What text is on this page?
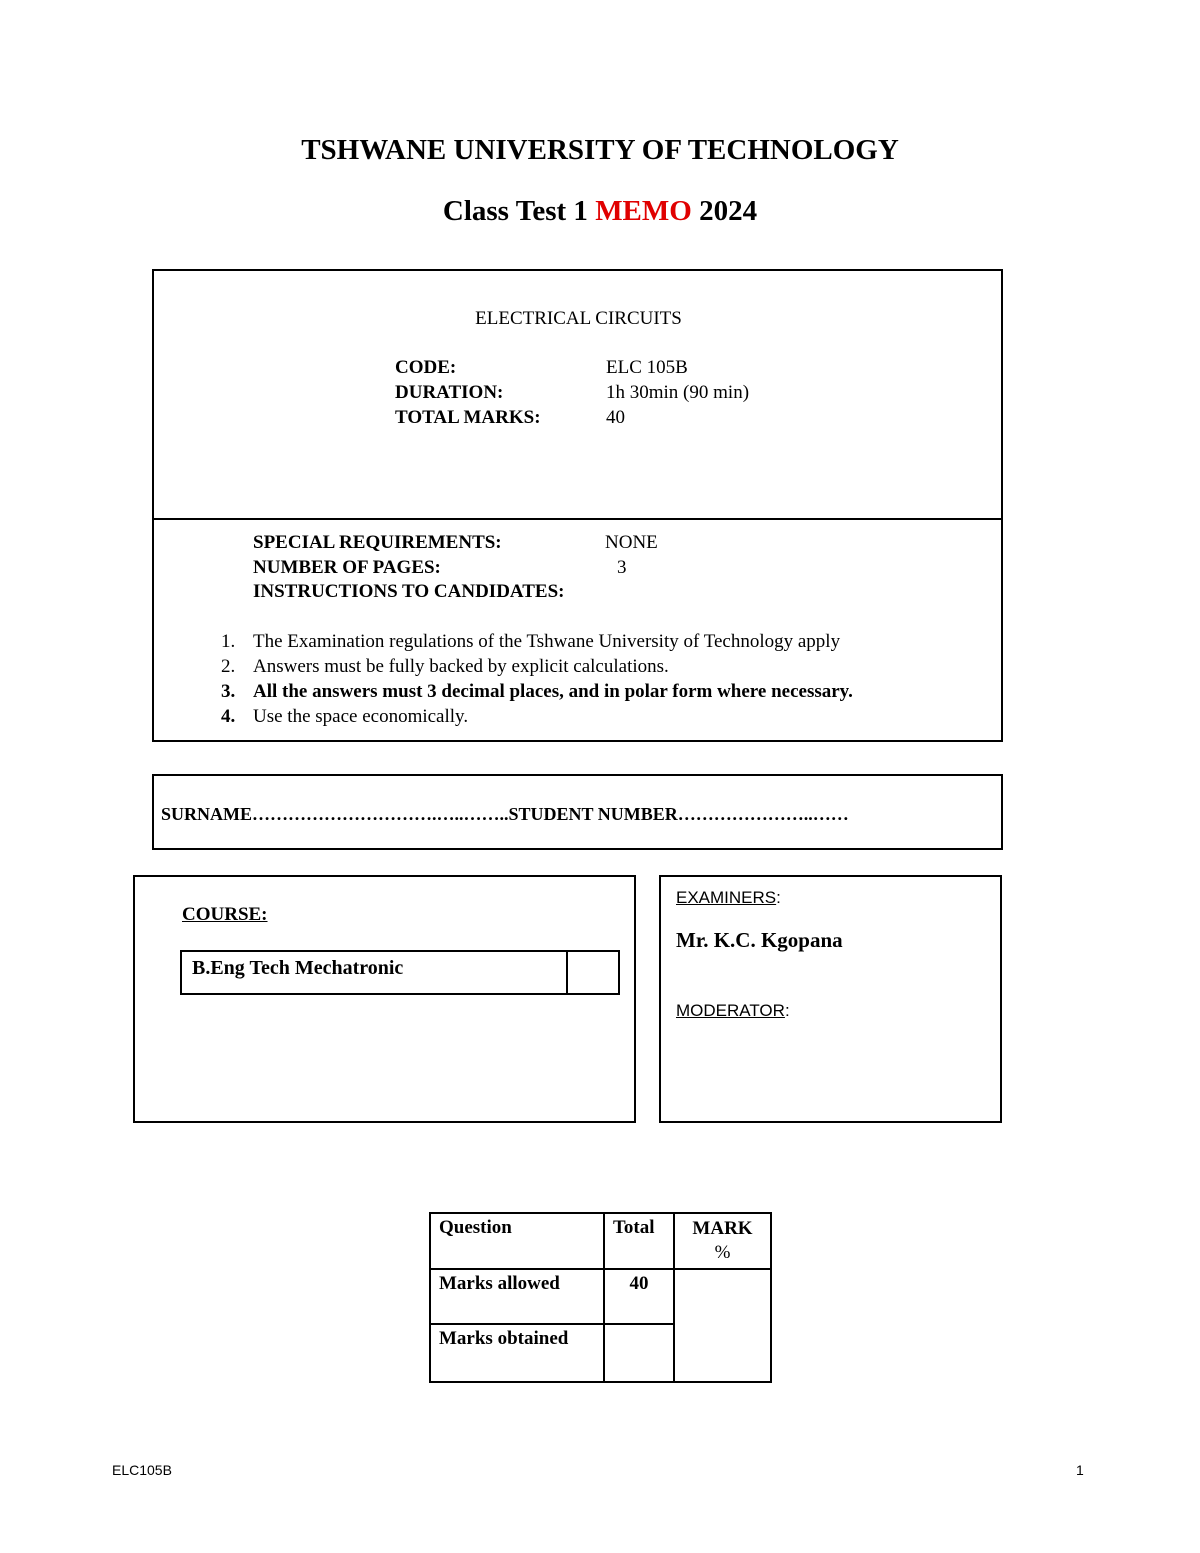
TSHWANE UNIVERSITY OF TECHNOLOGY
Class Test 1 MEMO 2024
ELECTRICAL CIRCUITS
CODE:	ELC 105B
DURATION:	1h 30min (90 min)
TOTAL MARKS:	40
SPECIAL REQUIREMENTS:	NONE
NUMBER OF PAGES:	3
INSTRUCTIONS TO CANDIDATES:
1. The Examination regulations of the Tshwane University of Technology apply
2. Answers must be fully backed by explicit calculations.
3. All the answers must 3 decimal places, and in polar form where necessary.
4. Use the space economically.
SURNAME………………………….…..……..STUDENT NUMBER…………………..……
COURSE:
B.Eng Tech Mechatronic
EXAMINERS:
Mr. K.C. Kgopana
MODERATOR:
Question	Total	MARK
%
Marks allowed	40	
Marks obtained		
ELC105B	1
